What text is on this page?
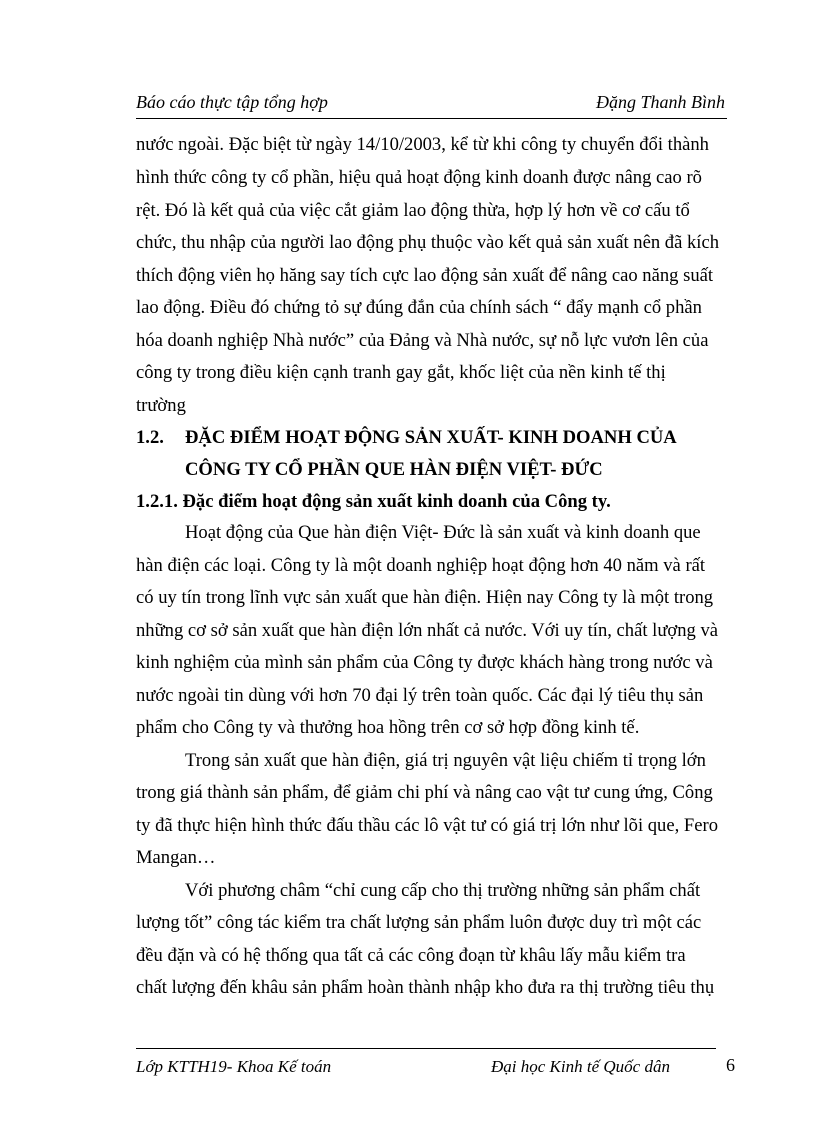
Báo cáo thực tập tổng hợp	Đặng Thanh Bình
nước ngoài. Đặc biệt từ ngày 14/10/2003, kể từ khi công ty chuyển đổi thành
hình thức công ty cổ phần, hiệu quả hoạt động kinh doanh được nâng cao rõ
rệt. Đó là kết quả của việc cắt giảm lao động thừa, hợp lý hơn về cơ cấu tổ
chức, thu nhập của người lao động phụ thuộc vào kết quả sản xuất nên đã kích
thích động viên họ hăng say tích cực lao động sản xuất để nâng cao năng suất
lao động. Điều đó chứng tỏ sự đúng đắn của chính sách “ đẩy mạnh cổ phần
hóa doanh nghiệp Nhà nước” của Đảng và Nhà nước, sự nỗ lực vươn lên của
công ty trong điều kiện cạnh tranh gay gắt, khốc liệt của nền kinh tế thị
trường
1.2. ĐẶC ĐIỂM HOẠT ĐỘNG SẢN XUẤT- KINH DOANH CỦA
CÔNG TY CỔ PHẦN QUE HÀN ĐIỆN VIỆT- ĐỨC
1.2.1. Đặc điểm hoạt động sản xuất kinh doanh của Công ty.
Hoạt động của Que hàn điện Việt- Đức là sản xuất và kinh doanh que
hàn điện các loại. Công ty là một doanh nghiệp hoạt động hơn 40 năm và rất
có uy tín trong lĩnh vực sản xuất que hàn điện. Hiện nay Công ty là một trong
những cơ sở sản xuất que hàn điện lớn nhất cả nước. Với uy tín, chất lượng và
kinh nghiệm của mình sản phẩm của Công ty được khách hàng trong nước và
nước ngoài tin dùng với hơn 70 đại lý trên toàn quốc. Các đại lý tiêu thụ sản
phẩm cho Công ty và thưởng hoa hồng trên cơ sở hợp đồng kinh tế.
Trong sản xuất que hàn điện, giá trị nguyên vật liệu chiếm tỉ trọng lớn
trong giá thành sản phẩm, để giảm chi phí và nâng cao vật tư cung ứng, Công
ty đã thực hiện hình thức đấu thầu các lô vật tư có giá trị lớn như lõi que, Fero
Mangan…
Với phương châm “chỉ cung cấp cho thị trường những sản phẩm chất
lượng tốt” công tác kiểm tra chất lượng sản phẩm luôn được duy trì một các
đều đặn và có hệ thống qua tất cả các công đoạn từ khâu lấy mẫu kiểm tra
chất lượng đến khâu sản phẩm hoàn thành nhập kho đưa ra thị trường tiêu thụ
Lớp KTTH19- Khoa Kế toán	Đại học Kinh tế Quốc dân	6
